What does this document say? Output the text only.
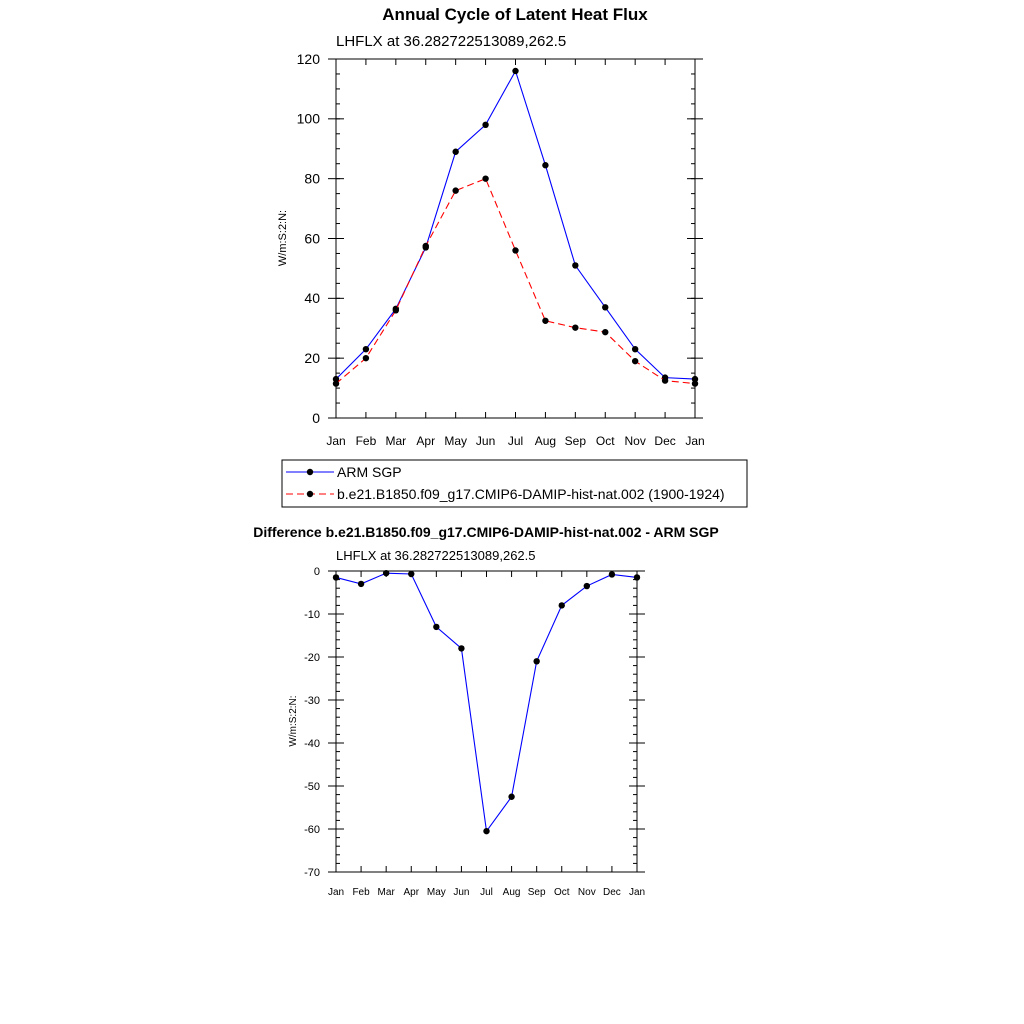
Annual Cycle of Latent Heat Flux
LHFLX at 36.282722513089,262.5
W/m:S:2:N:
Jan Feb Mar Apr May Jun Jul Aug Sep Oct Nov Dec Jan
0
20
40
60
80
100
120
ARM SGP
b.e21.B1850.f09_g17.CMIP6-DAMIP-hist-nat.002 (1900-1924)
Difference b.e21.B1850.f09_g17.CMIP6-DAMIP-hist-nat.002 - ARM SGP
LHFLX at 36.282722513089,262.5
W/m:S:2:N:
Jan Feb Mar Apr May Jun Jul Aug Sep Oct Nov Dec Jan
0
-10
-20
-30
-40
-50
-60
-70
